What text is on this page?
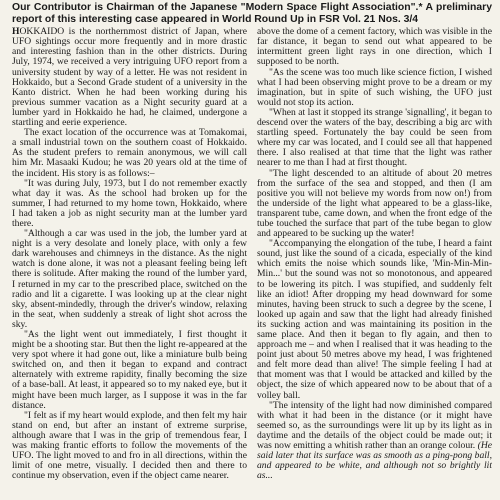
Our Contributor is Chairman of the Japanese "Modern Space Flight Association".* A preliminary report of this interesting case appeared in World Round Up in FSR Vol. 21 Nos. 3/4

HOKKAIDO is the northernmost district of Japan, where UFO sightings occur more frequently and in more drastic and interesting fashion than in the other districts. During July, 1974, we received a very intriguing UFO report from a university student by way of a letter. He was not resident in Hokkaido, but a Second Grade student of a university in the Kanto district. When he had been working during his previous summer vacation as a Night security guard at a lumber yard in Hokkaido he had, he claimed, undergone a startling and eerie experience.

The exact location of the occurrence was at Tomakomai, a small industrial town on the southern coast of Hokkaido. As the student prefers to remain anonymous, we will call him Mr. Masaaki Kudou; he was 20 years old at the time of the incident. His story is as follows:–

"It was during July, 1973, but I do not remember exactly what day it was. As the school had broken up for the summer, I had returned to my home town, Hokkaido, where I had taken a job as night security man at the lumber yard there.

"Although a car was used in the job, the lumber yard at night is a very desolate and lonely place, with only a few dark warehouses and chimneys in the distance. As the night watch is done alone, it was not a pleasant feeling being left there is solitude. After making the round of the lumber yard, I returned in my car to the prescribed place, switched on the radio and lit a cigarette. I was looking up at the clear night sky, absent-mindedly, through the driver's window, relaxing in the seat, when suddenly a streak of light shot across the sky.

"As the light went out immediately, I first thought it might be a shooting star. But then the light re-appeared at the very spot where it had gone out, like a miniature bulb being switched on, and then it began to expand and contract alternately with extreme rapidity, finally becoming the size of a base-ball. At least, it appeared so to my naked eye, but it might have been much larger, as I suppose it was in the far distance.

"I felt as if my heart would explode, and then felt my hair stand on end, but after an instant of extreme surprise, although aware that I was in the grip of tremendous fear, I was making frantic efforts to follow the movements of the UFO. The light moved to and fro in all directions, within the limit of one metre, visually. I decided then and there to continue my observation, even if the object came nearer.

above the dome of a cement factory, which was visible in the far distance, it began to send out what appeared to be intermittent green light rays in one direction, which I supposed to be north.

"As the scene was too much like science fiction, I wished what I had been observing might prove to be a dream or my imagination, but in spite of such wishing, the UFO just would not stop its action.

"When at last it stopped its strange 'signalling', it began to descend over the waters of the bay, describing a big arc with startling speed. Fortunately the bay could be seen from where my car was located, and I could see all that happened there. I also realised at that time that the light was rather nearer to me than I had at first thought.

"The light descended to an altitude of about 20 metres from the surface of the sea and stopped, and then (I am positive you will not believe my words from now on!) from the underside of the light what appeared to be a glass-like, transparent tube, came down, and when the front edge of the tube touched the surface that part of the tube began to glow and appeared to be sucking up the water!

"Accompanying the elongation of the tube, I heard a faint sound, just like the sound of a cicada, especially of the kind which emits the noise which sounds like, 'Min-Min-Min-Min...' but the sound was not so monotonous, and appeared to be lowering its pitch. I was stupified, and suddenly felt like an idiot! After dropping my head downward for some minutes, having been struck to such a degree by the scene, I looked up again and saw that the light had already finished its sucking action and was maintaining its position in the same place. And then it began to fly again, and then to approach me – and when I realised that it was heading to the point just about 50 metres above my head, I was frightened and felt more dead than alive! The simple feeling I had at that moment was that I would be attacked and killed by the object, the size of which appeared now to be about that of a volley ball.

"The intensity of the light had now diminished compared with what it had been in the distance (or it might have seemed so, as the surroundings were lit up by its light as in daytime and the details of the object could be made out; it was now emitting a whitish rather than an orange colour. (He said later that its surface was as smooth as a ping-pong ball, and appeared to be white, and although not so brightly lit as...
